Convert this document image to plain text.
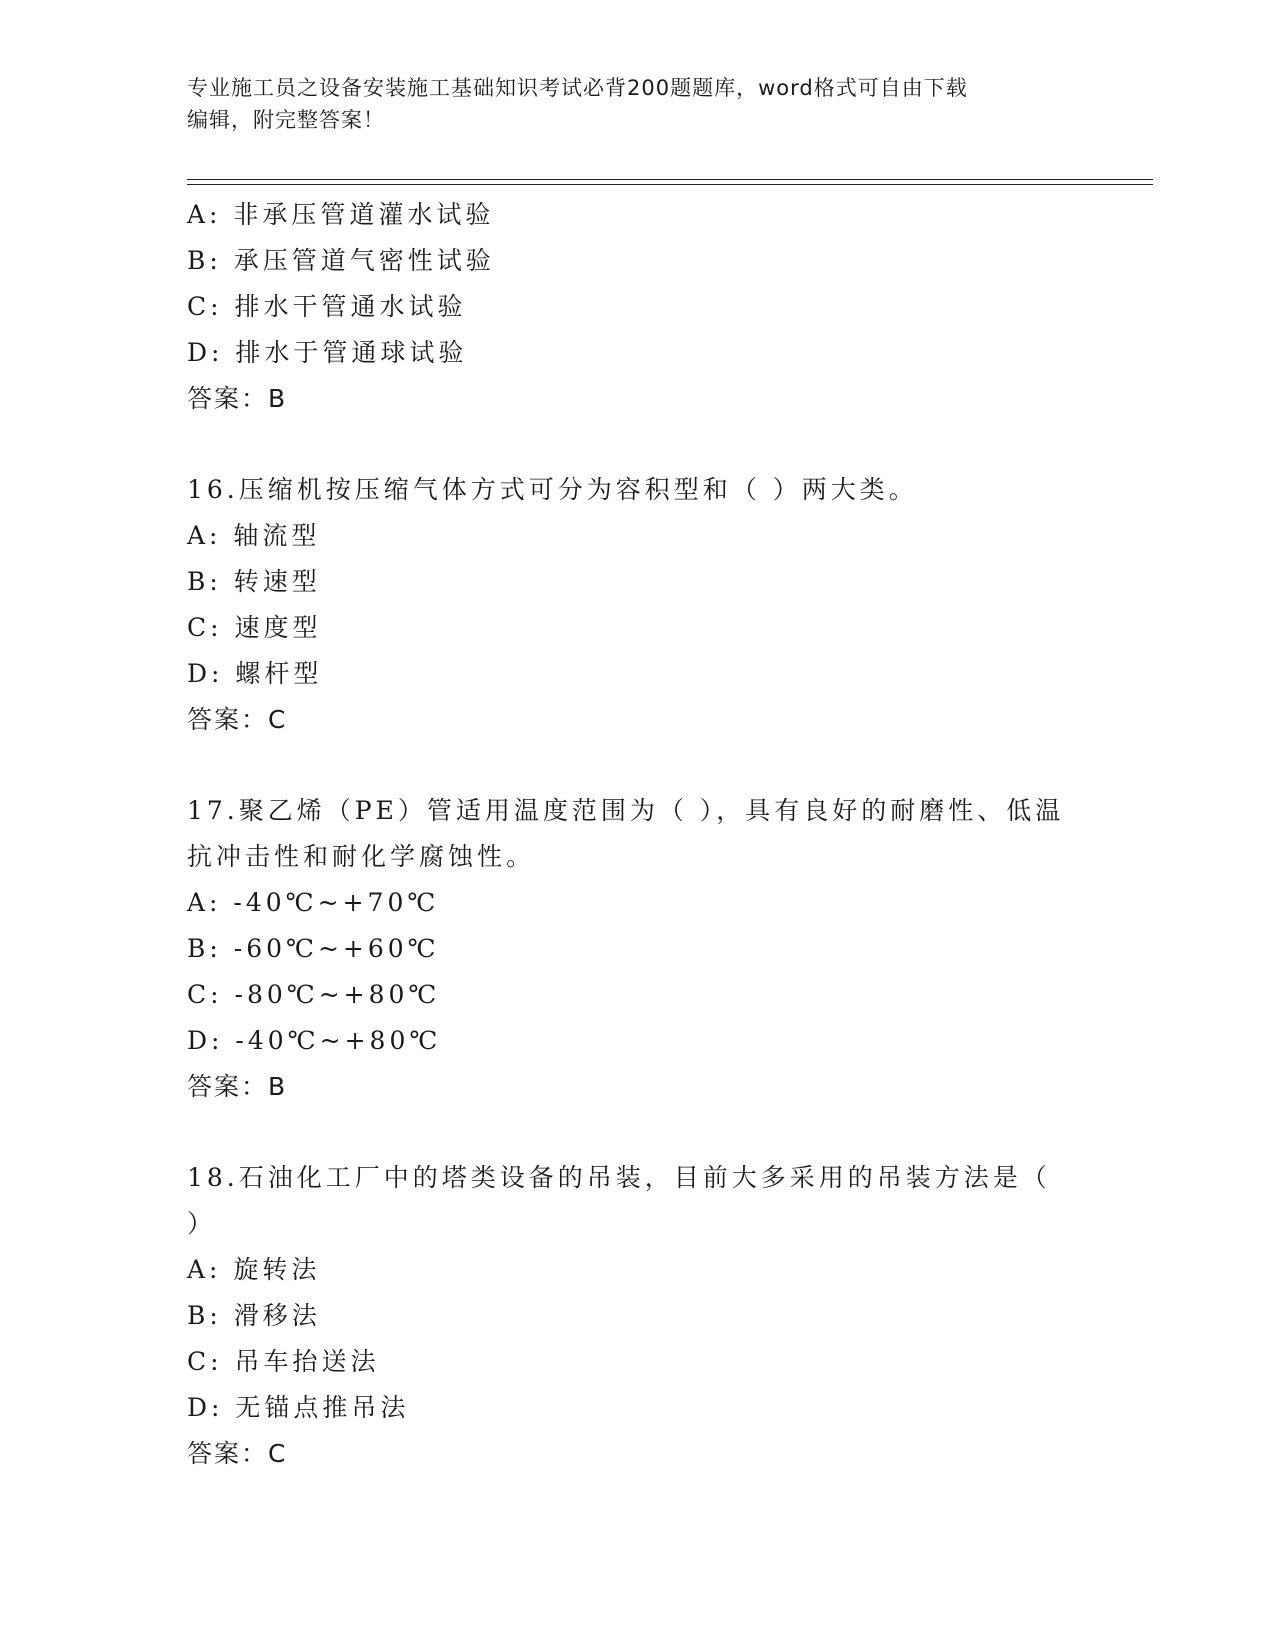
专业施工员之设备安装施工基础知识考试必背200题题库，word格式可自由下载
编辑，附完整答案！
A: 非承压管道灌水试验
B: 承压管道气密性试验
C: 排水干管通水试验
D: 排水于管通球试验
答案：B
16.压缩机按压缩气体方式可分为容积型和（ ）两大类。
A: 轴流型
B: 转速型
C: 速度型
D: 螺杆型
答案：C
17.聚乙烯（PE）管适用温度范围为（ ），具有良好的耐磨性、低温
抗冲击性和耐化学腐蚀性。
A: -40℃~+70℃
B: -60℃~+60℃
C: -80℃~+80℃
D: -40℃~+80℃
答案：B
18.石油化工厂中的塔类设备的吊装，目前大多采用的吊装方法是（
）
A: 旋转法
B: 滑移法
C: 吊车抬送法
D: 无锚点推吊法
答案：C
